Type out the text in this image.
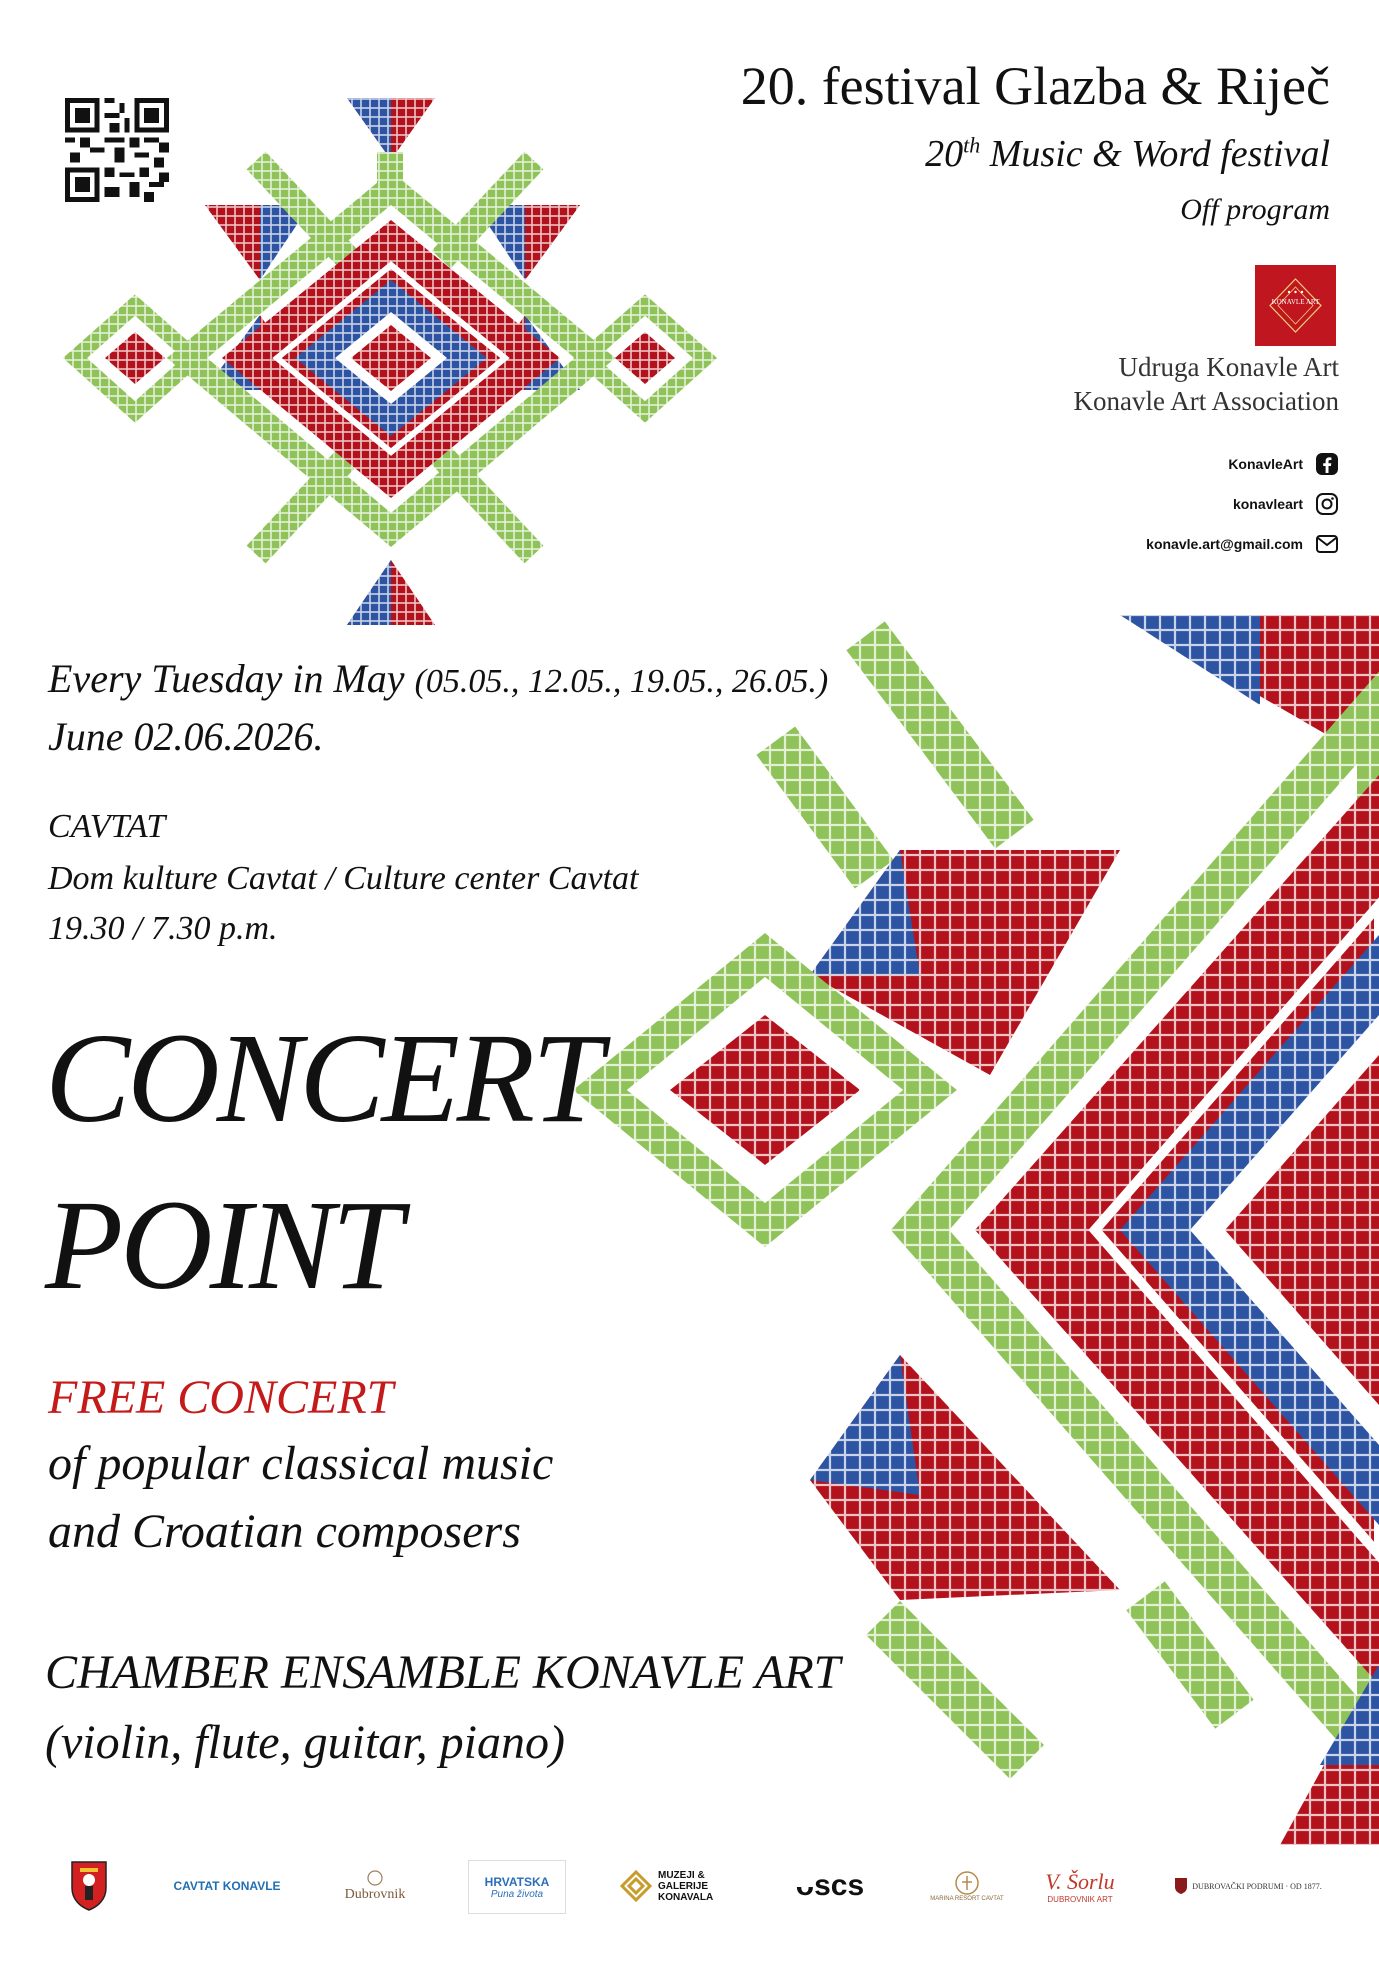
20. festival Glazba & Riječ
20th Music & Word festival
Off program
KONAVLE ART
Udruga Konavle Art
Konavle Art Association
KonavleArt
konavleart
konavle.art@gmail.com
Every Tuesday in May (05.05., 12.05., 19.05., 26.05.)
June 02.06.2026.
CAVTAT
Dom kulture Cavtat / Culture center Cavtat
19.30 / 7.30 p.m.
CONCERT
POINT
FREE CONCERT
of popular classical music
and Croatian composers
CHAMBER ENSAMBLE KONAVLE ART
(violin, flute, guitar, piano)
CAVTAT KONAVLE
Dubrovnik
HRVATSKA
Puna života
MUZEJI & GALERIJE KONAVALA	ᴗsᴄs	MARINA RESORT CAVTAT
V. Šorlu
DUBROVNIK ART
DUBROVAČKI PODRUMI · OD 1877.
